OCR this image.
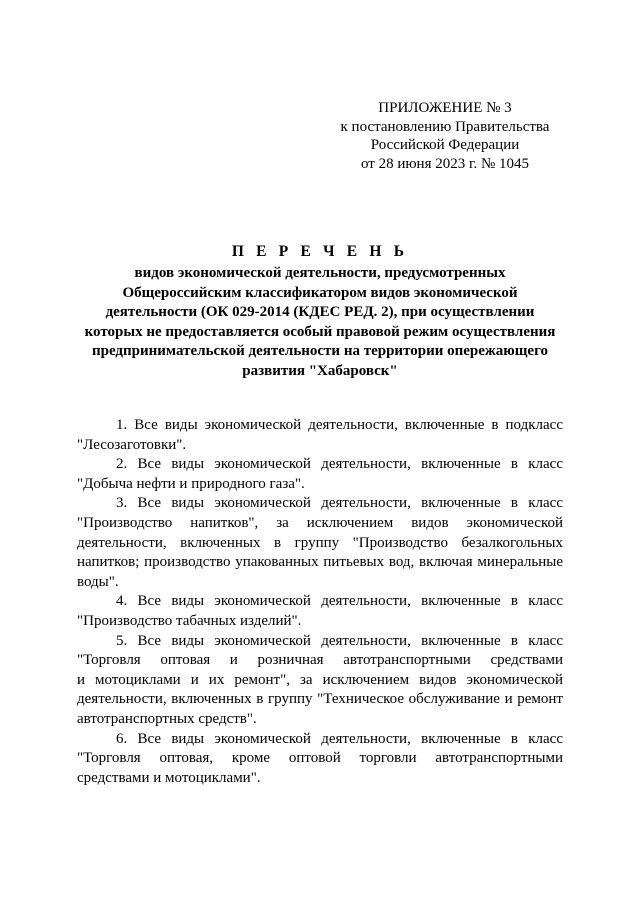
ПРИЛОЖЕНИЕ № 3
к постановлению Правительства
Российской Федерации
от 28 июня 2023 г. № 1045
П Е Р Е Ч Е Н Ь
видов экономической деятельности, предусмотренных
Общероссийским классификатором видов экономической
деятельности (ОК 029-2014 (КДЕС РЕД. 2), при осуществлении
которых не предоставляется особый правовой режим осуществления
предпринимательской деятельности на территории опережающего
развития "Хабаровск"
1. Все виды экономической деятельности, включенные в подкласс
"Лесозаготовки".
2. Все виды экономической деятельности, включенные в класс
"Добыча нефти и природного газа".
3. Все виды экономической деятельности, включенные в класс
"Производство напитков", за исключением видов экономической
деятельности, включенных в группу "Производство безалкогольных
напитков; производство упакованных питьевых вод, включая минеральные
воды".
4. Все виды экономической деятельности, включенные в класс
"Производство табачных изделий".
5. Все виды экономической деятельности, включенные в класс
"Торговля оптовая и розничная автотранспортными средствами
и мотоциклами и их ремонт", за исключением видов экономической
деятельности, включенных в группу "Техническое обслуживание и ремонт
автотранспортных средств".
6. Все виды экономической деятельности, включенные в класс
"Торговля оптовая, кроме оптовой торговли автотранспортными
средствами и мотоциклами".
